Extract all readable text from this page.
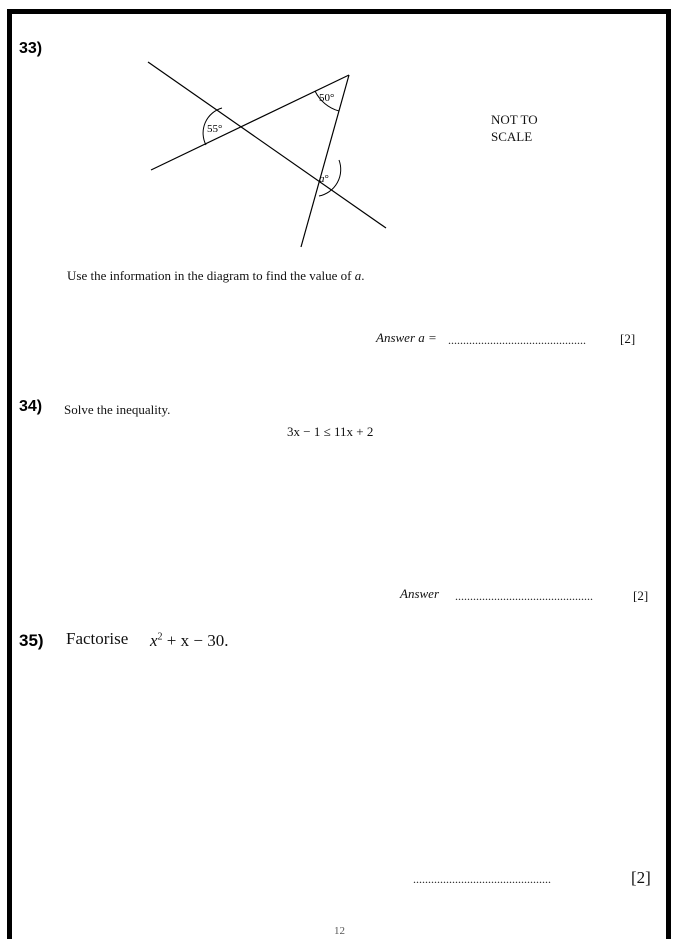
33)
50°
55°
a°
NOT TO
SCALE
Use the information in the diagram to find the value of a.
Answer a = ..............................................	[2]
34) Solve the inequality.
3x − 1 ≤ 11x + 2
Answer ..............................................	[2]
35) Factorise $x^2 + x - 30$.
..............................................	[2]
12
